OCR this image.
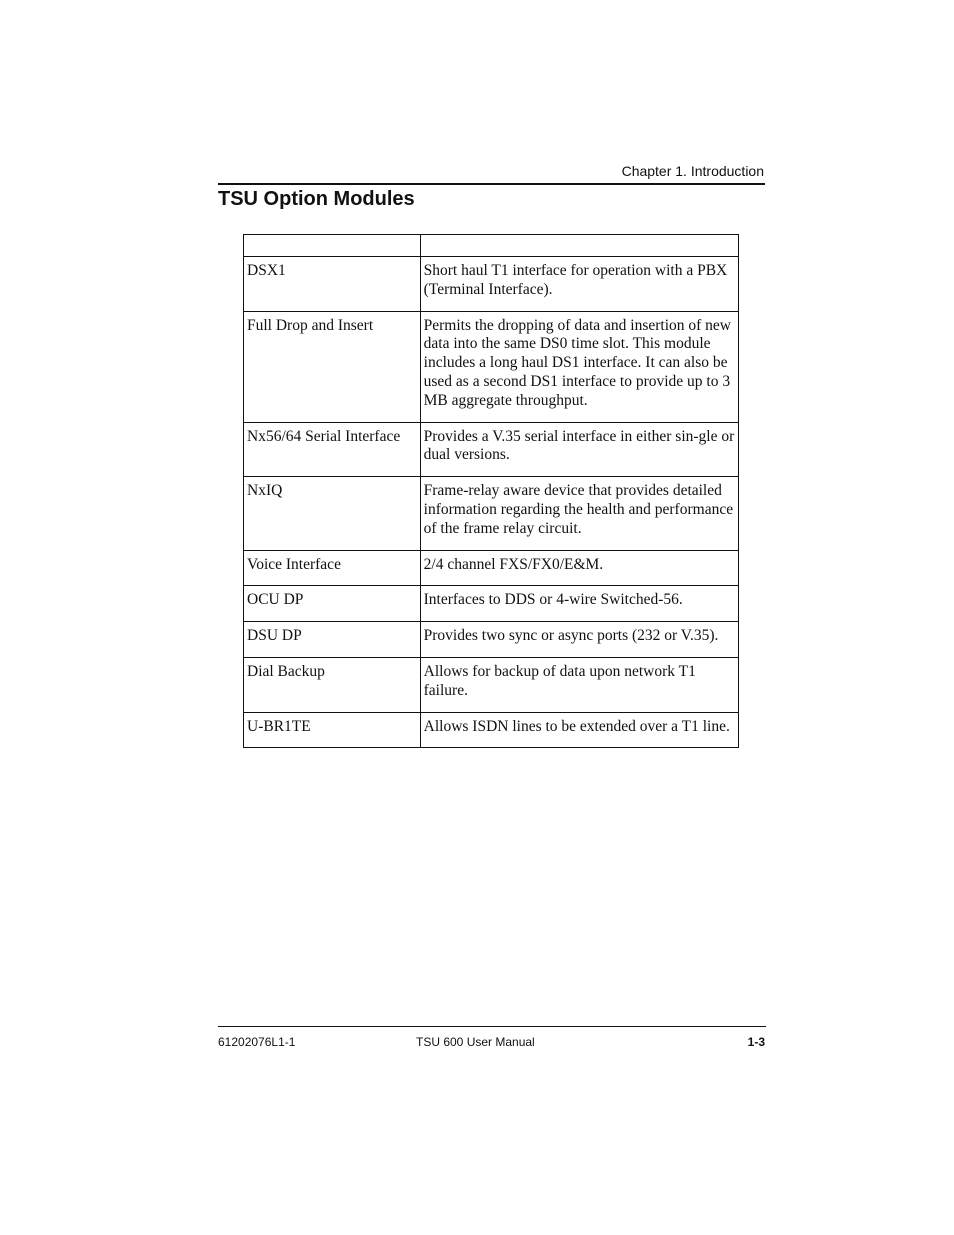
Chapter 1. Introduction
TSU Option Modules

DSX1	Short haul T1 interface for operation with a PBX (Terminal Interface).
Full Drop and Insert	Permits the dropping of data and insertion of new data into the same DS0 time slot. This module includes a long haul DS1 interface. It can also be used as a second DS1 interface to provide up to 3 MB aggregate throughput.
Nx56/64 Serial Interface	Provides a V.35 serial interface in either sin-gle or dual versions.
NxIQ	Frame-relay aware device that provides detailed information regarding the health and performance of the frame relay circuit.
Voice Interface	2/4 channel FXS/FX0/E&M.
OCU DP	Interfaces to DDS or 4-wire Switched-56.
DSU DP	Provides two sync or async ports (232 or V.35).
Dial Backup	Allows for backup of data upon network T1 failure.
U-BR1TE	Allows ISDN lines to be extended over a T1 line.
61202076L1-1	TSU 600 User Manual	1-3
